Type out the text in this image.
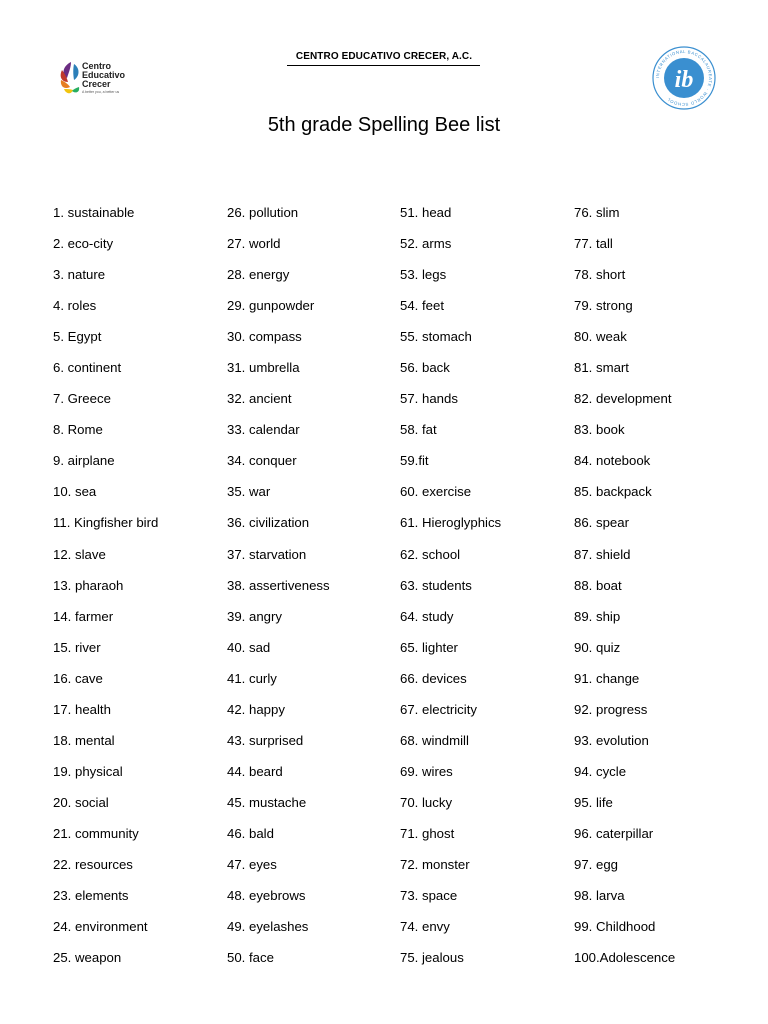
Centro
Educativo
Crecer
A better you, a better us
CENTRO EDUCATIVO CRECER, A.C.
INTERNATIONAL BACCALAUREATE · WORLD SCHOOL
ib
5th grade Spelling Bee list
1. sustainable
2. eco-city
3. nature
4. roles
5. Egypt
6. continent
7. Greece
8. Rome
9. airplane
10. sea
11. Kingfisher bird
12. slave
13. pharaoh
14. farmer
15. river
16. cave
17. health
18. mental
19. physical
20. social
21. community
22. resources
23. elements
24. environment
25. weapon
26. pollution
27. world
28. energy
29. gunpowder
30. compass
31. umbrella
32. ancient
33. calendar
34. conquer
35. war
36. civilization
37. starvation
38. assertiveness
39. angry
40. sad
41. curly
42. happy
43. surprised
44. beard
45. mustache
46. bald
47. eyes
48. eyebrows
49. eyelashes
50. face
51. head
52. arms
53. legs
54. feet
55. stomach
56. back
57. hands
58. fat
59.fit
60. exercise
61. Hieroglyphics
62. school
63. students
64. study
65. lighter
66. devices
67. electricity
68. windmill
69. wires
70. lucky
71. ghost
72. monster
73. space
74. envy
75. jealous
76. slim
77. tall
78. short
79. strong
80. weak
81. smart
82. development
83. book
84. notebook
85. backpack
86. spear
87. shield
88. boat
89. ship
90. quiz
91. change
92. progress
93. evolution
94. cycle
95. life
96. caterpillar
97. egg
98. larva
99. Childhood
100.Adolescence
